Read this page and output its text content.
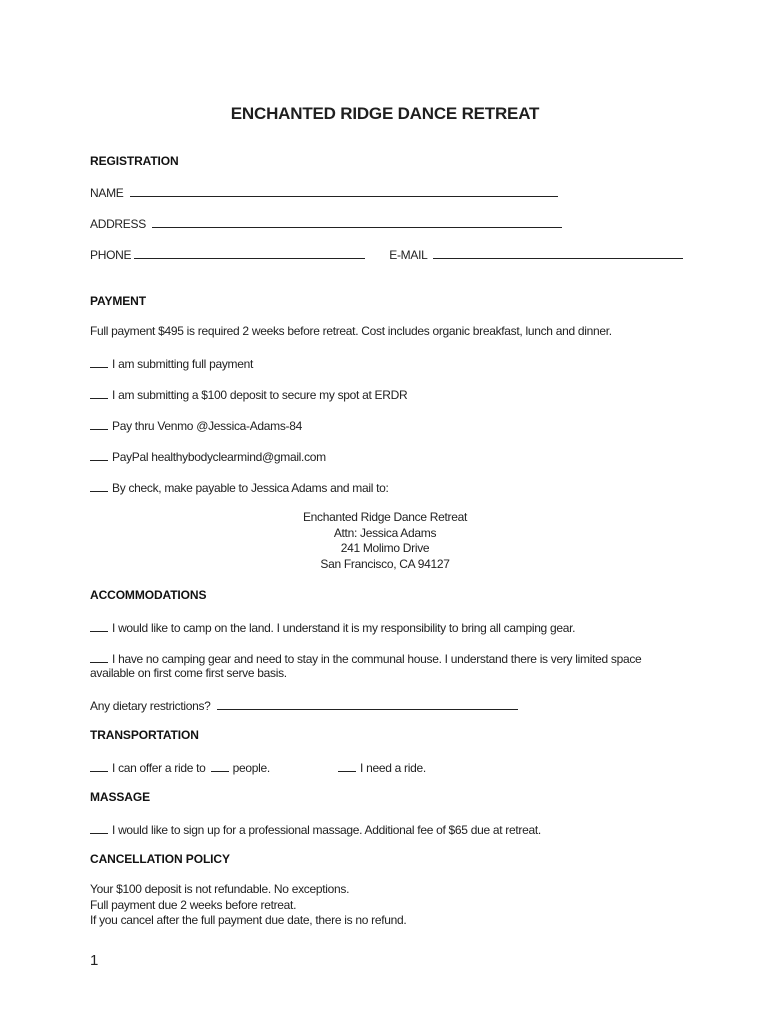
ENCHANTED RIDGE DANCE RETREAT
REGISTRATION
NAME
ADDRESS
PHONE	E-MAIL
PAYMENT
Full payment $495 is required 2 weeks before retreat. Cost includes organic breakfast, lunch and dinner.
I am submitting full payment
I am submitting a $100 deposit to secure my spot at ERDR
Pay thru Venmo @Jessica-Adams-84
PayPal healthybodyclearmind@gmail.com
By check, make payable to Jessica Adams and mail to:
Enchanted Ridge Dance Retreat
Attn: Jessica Adams
241 Molimo Drive
San Francisco, CA 94127
ACCOMMODATIONS
I would like to camp on the land. I understand it is my responsibility to bring all camping gear.
I have no camping gear and need to stay in the communal house. I understand there is very limited space
available on first come first serve basis.
Any dietary restrictions?
TRANSPORTATION
I can offer a ride to people.	I need a ride.
MASSAGE
I would like to sign up for a professional massage. Additional fee of $65 due at retreat.
CANCELLATION POLICY
Your $100 deposit is not refundable. No exceptions.
Full payment due 2 weeks before retreat.
If you cancel after the full payment due date, there is no refund.
1
